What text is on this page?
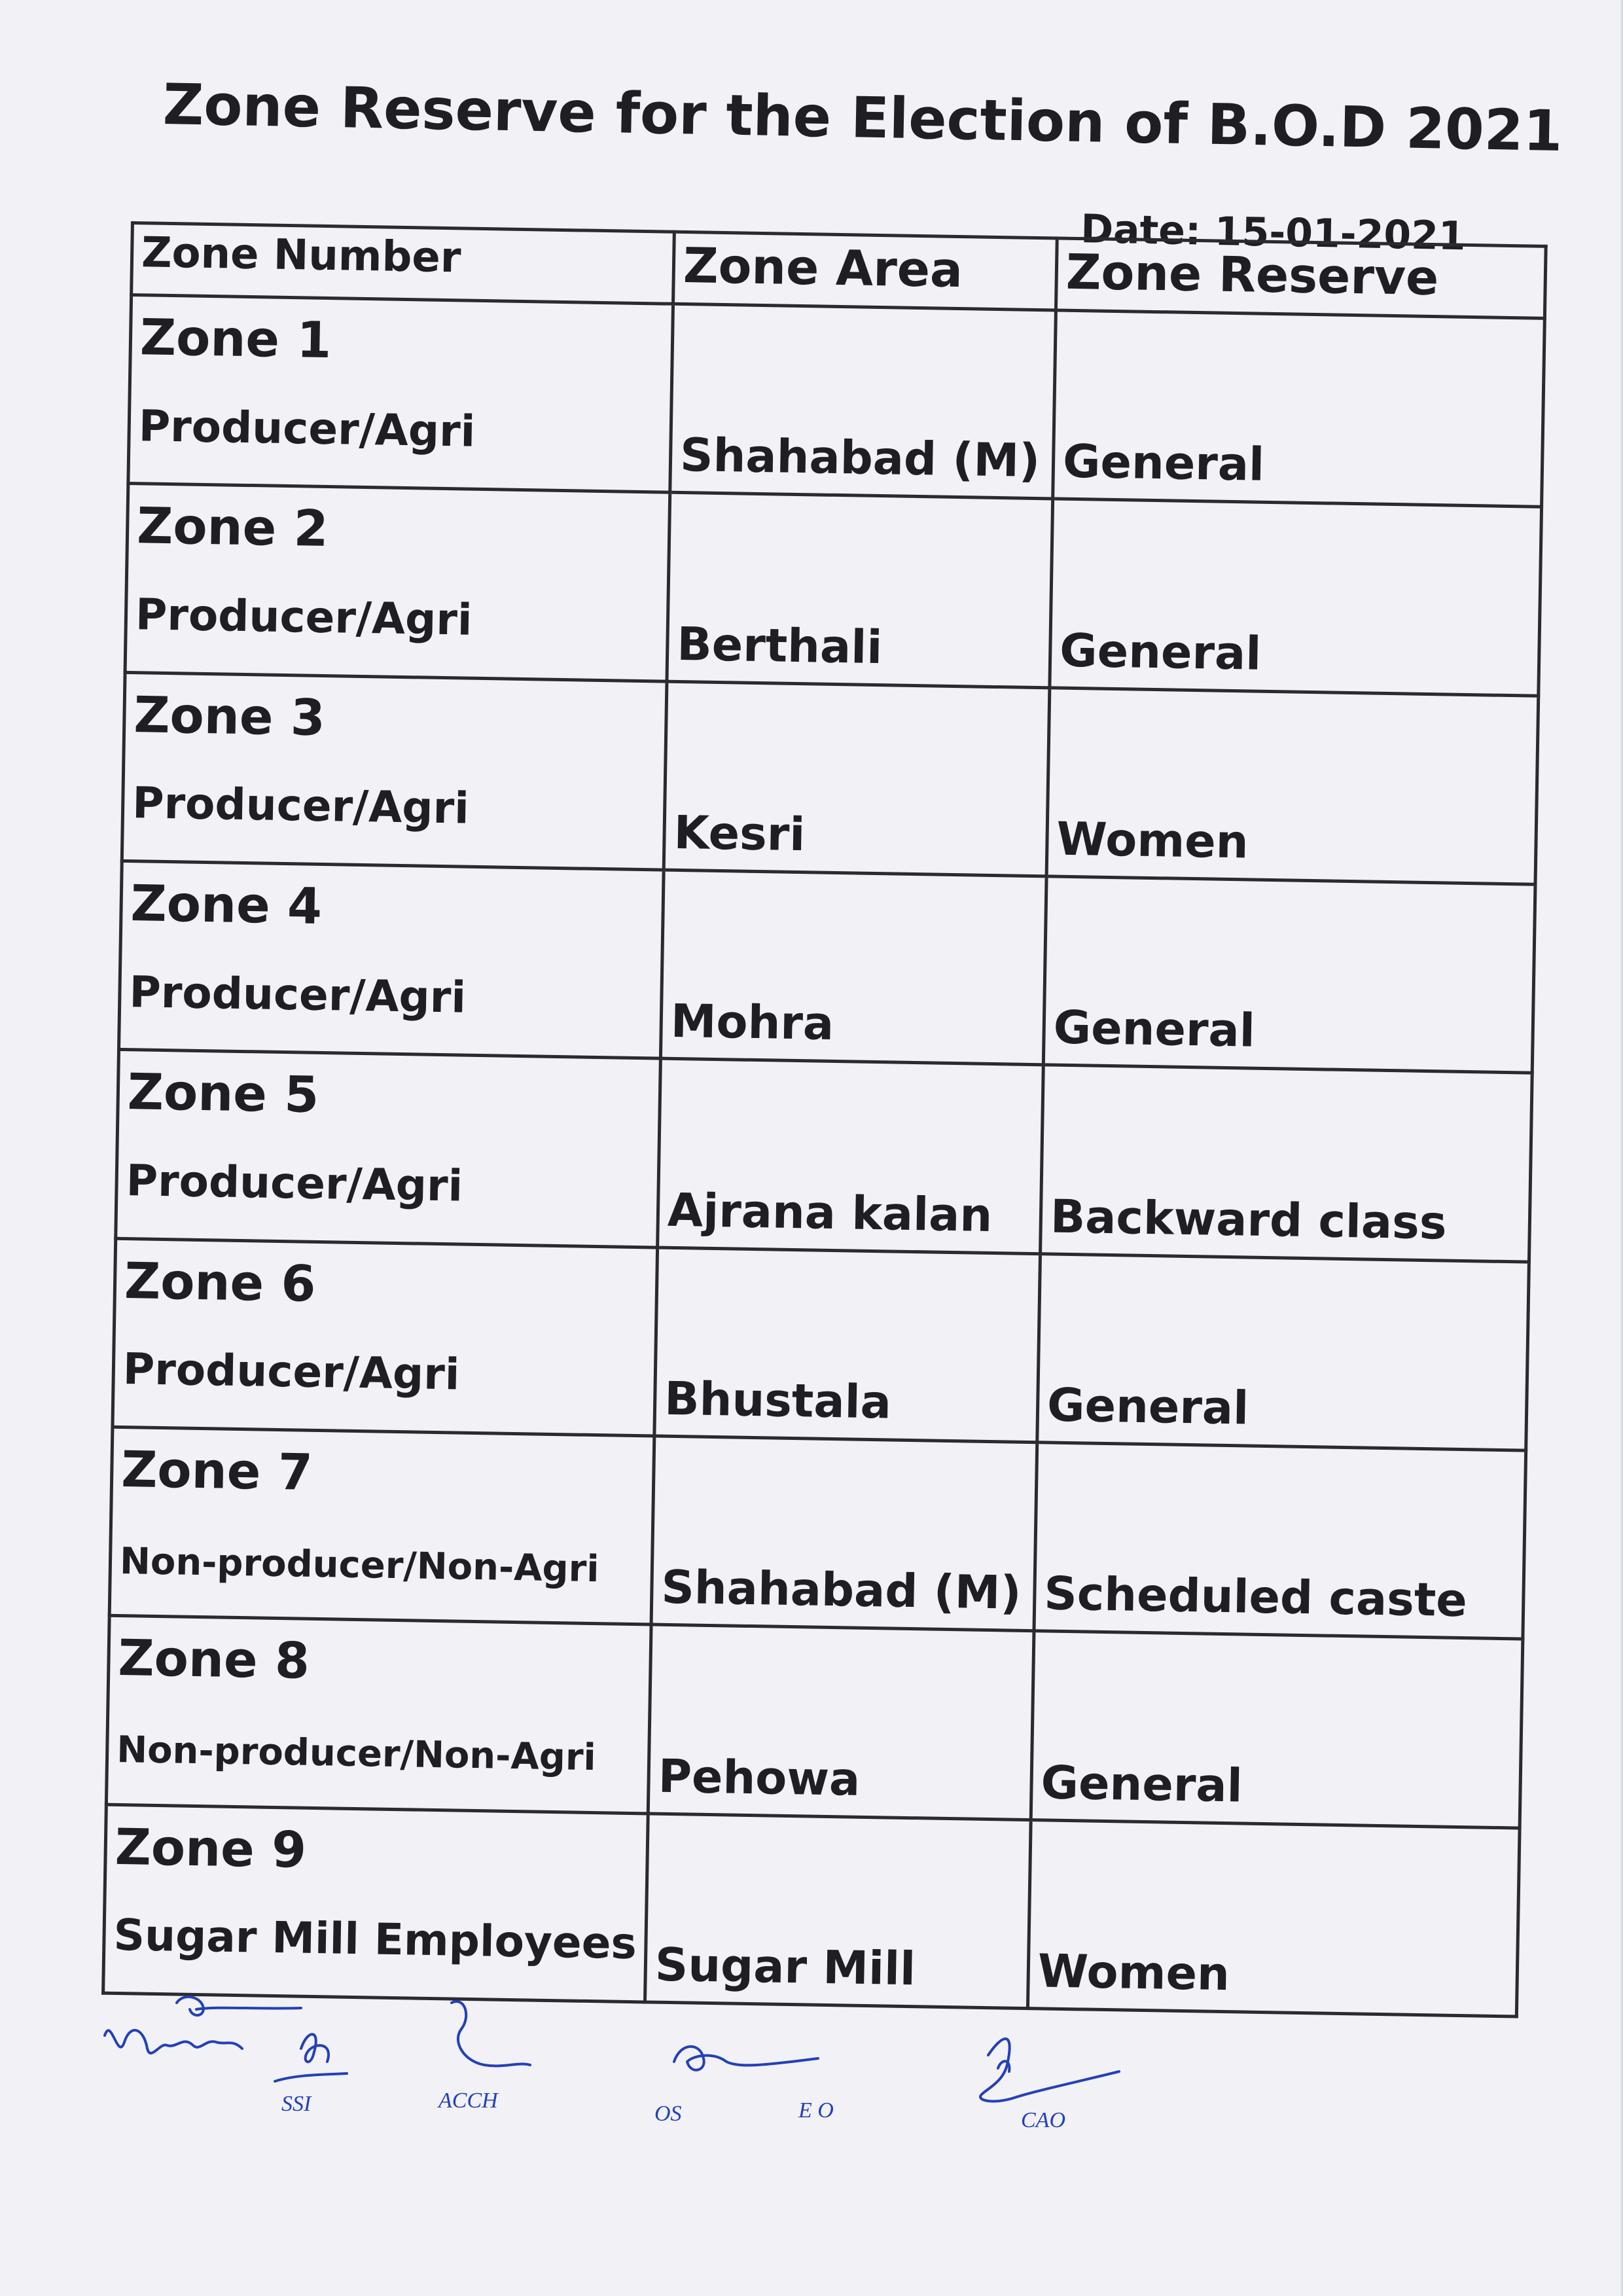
Zone Reserve for the Election of B.O.D 2021
Date: 15-01-2021
Zone Number	Zone Area	Zone Reserve

Zone 1
Producer/Agri	Shahabad (M)	General

Zone 2
Producer/Agri	Berthali	General

Zone 3
Producer/Agri	Kesri	Women

Zone 4
Producer/Agri	Mohra	General

Zone 5
Producer/Agri	Ajrana kalan	Backward class

Zone 6
Producer/Agri	Bhustala	General

Zone 7
Non-producer/Non-Agri	Shahabad (M)	Scheduled caste

Zone 8
Non-producer/Non-Agri	Pehowa	General

Zone 9
Sugar Mill Employees	Sugar Mill	Women
SSI	ACCH
OS	E O	CAO
